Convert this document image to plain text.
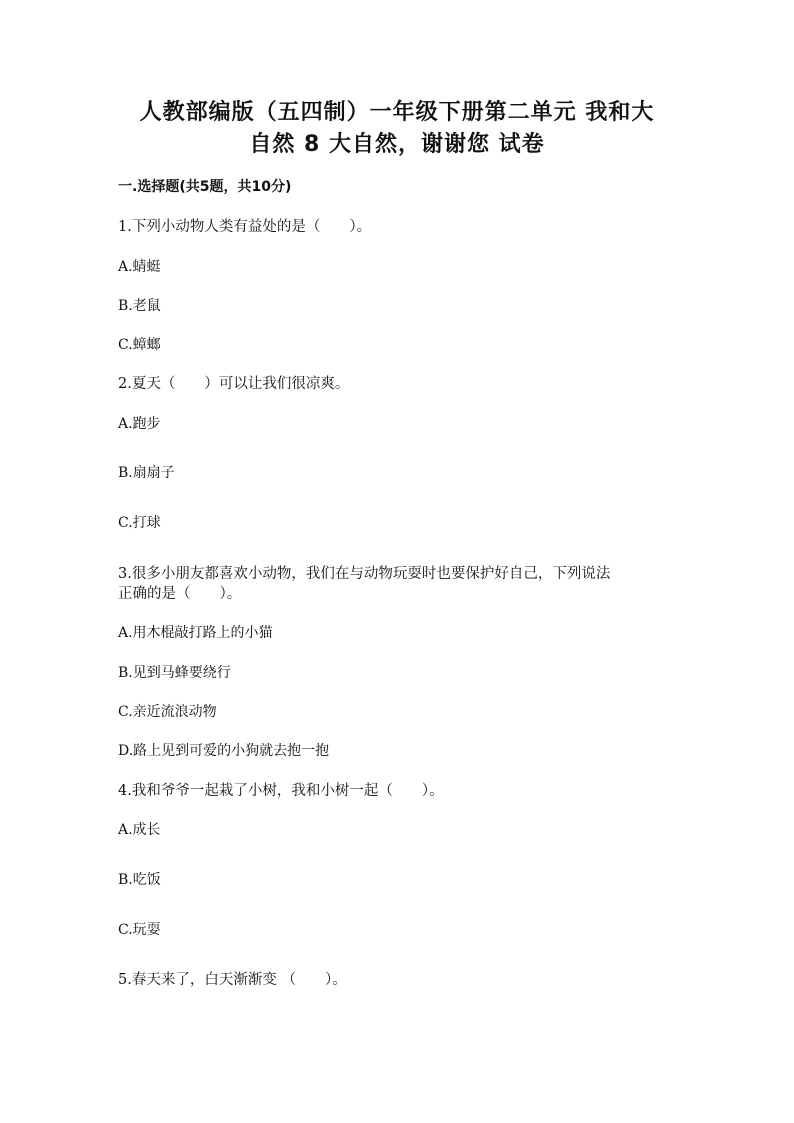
人教部编版（五四制）一年级下册第二单元 我和大
自然 8 大自然，谢谢您 试卷
一.选择题(共5题，共10分)

1.下列小动物人类有益处的是（　　）。

A.蜻蜓

B.老鼠

C.蟑螂

2.夏天（　　）可以让我们很凉爽。

A.跑步

B.扇扇子

C.打球

3.很多小朋友都喜欢小动物，我们在与动物玩耍时也要保护好自己，下列说法

正确的是（　　）。

A.用木棍敲打路上的小猫

B.见到马蜂要绕行

C.亲近流浪动物

D.路上见到可爱的小狗就去抱一抱

4.我和爷爷一起栽了小树，我和小树一起（　　）。

A.成长

B.吃饭

C.玩耍

5.春天来了，白天渐渐变 （　　）。
